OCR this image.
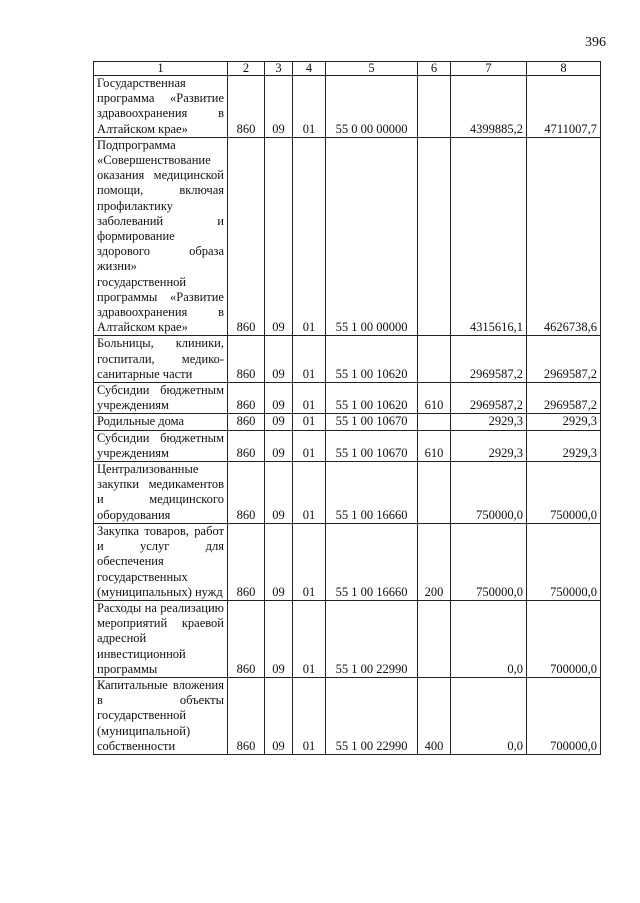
396
1	2	3	4	5	6	7	8
Государственная программа «Развитие здравоохранения в Алтайском крае»	860	09	01	55 0 00 00000		4399885,2	4711007,7
Подпрограмма «Совершенствование оказания медицинской помощи, включая профилактику заболеваний и формирование здорового образа жизни» государственной программы «Развитие здравоохранения в Алтайском крае»	860	09	01	55 1 00 00000		4315616,1	4626738,6
Больницы, клиники, госпитали, медико-санитарные части	860	09	01	55 1 00 10620		2969587,2	2969587,2
Субсидии бюджетным учреждениям	860	09	01	55 1 00 10620	610	2969587,2	2969587,2
Родильные дома	860	09	01	55 1 00 10670		2929,3	2929,3
Субсидии бюджетным учреждениям	860	09	01	55 1 00 10670	610	2929,3	2929,3
Централизованные закупки медикаментов и медицинского оборудования	860	09	01	55 1 00 16660		750000,0	750000,0
Закупка товаров, работ и услуг для обеспечения государственных (муниципальных) нужд	860	09	01	55 1 00 16660	200	750000,0	750000,0
Расходы на реализацию мероприятий краевой адресной инвестиционной программы	860	09	01	55 1 00 22990		0,0	700000,0
Капитальные вложения в объекты государственной (муниципальной) собственности	860	09	01	55 1 00 22990	400	0,0	700000,0
